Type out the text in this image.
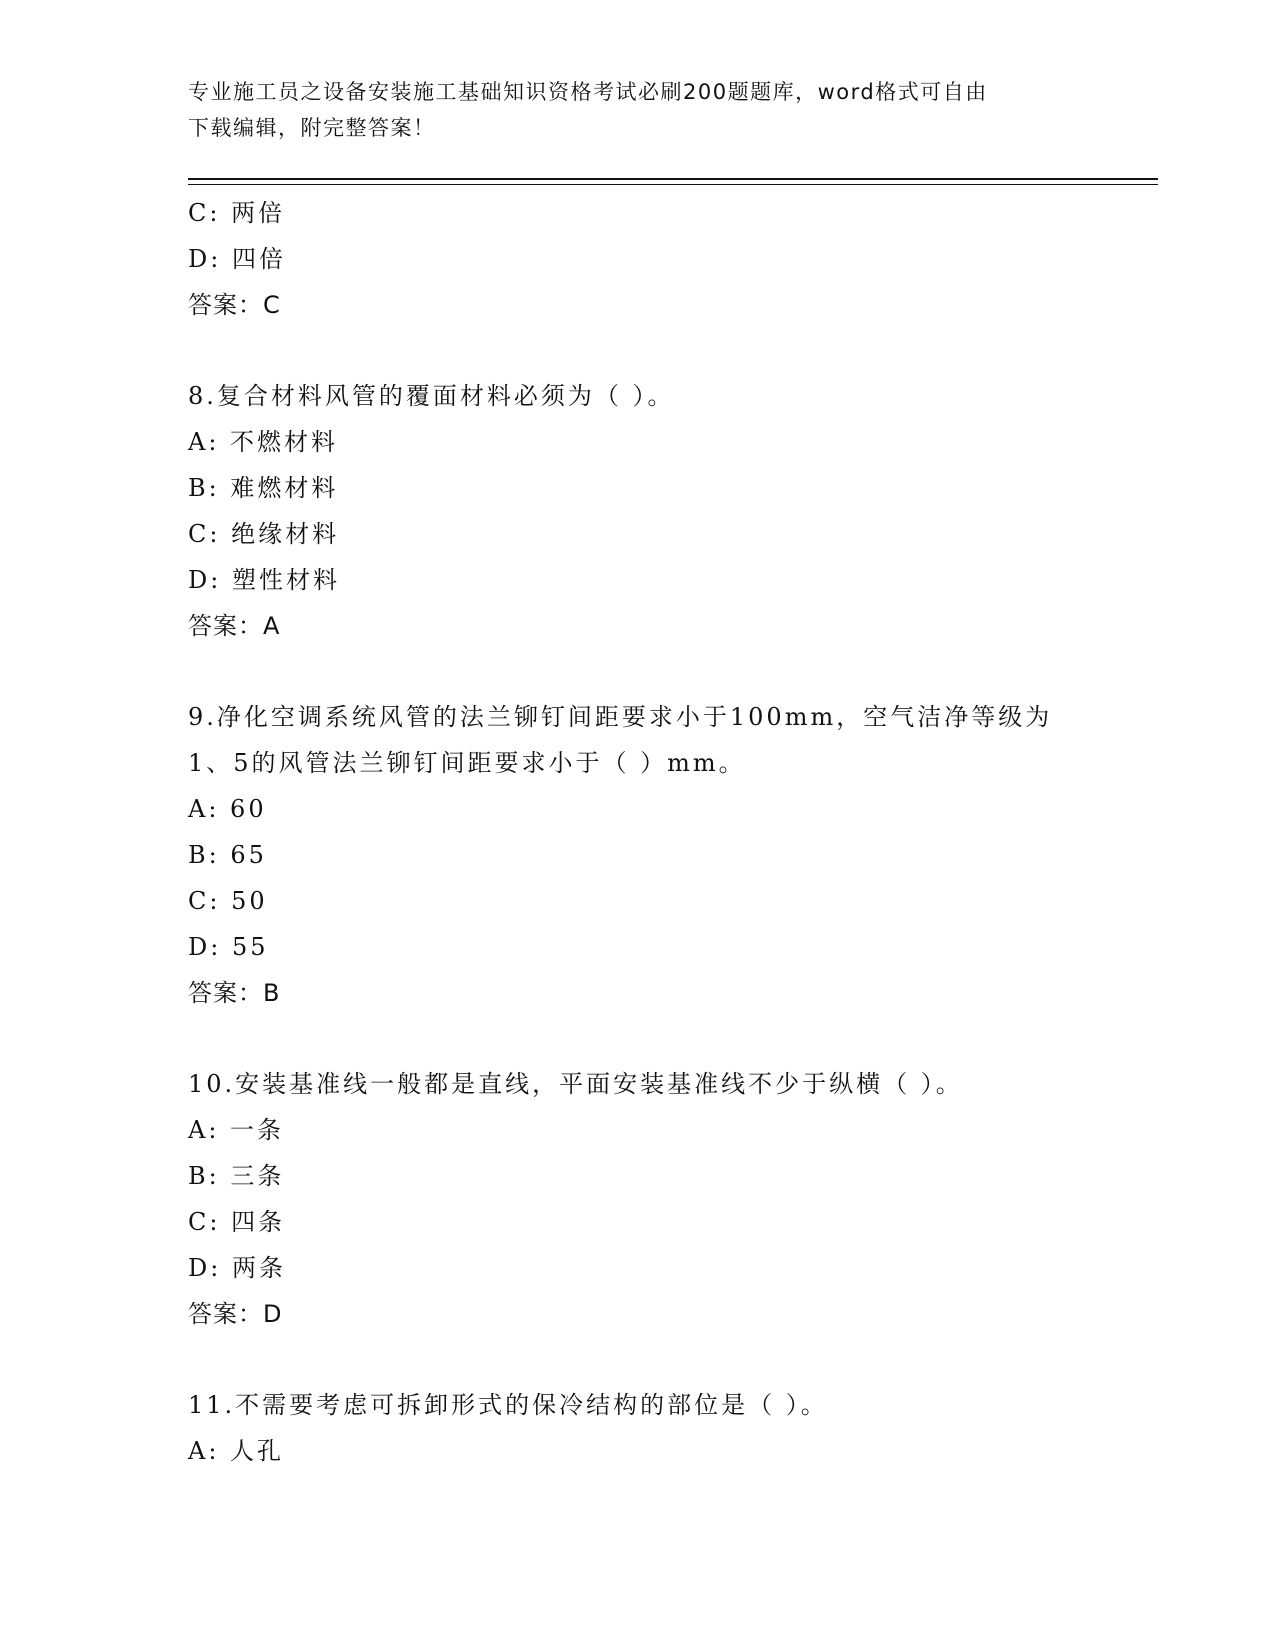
专业施工员之设备安装施工基础知识资格考试必刷200题题库，word格式可自由
下载编辑，附完整答案！
C: 两倍
D: 四倍
答案：C
8.复合材料风管的覆面材料必须为（ ）。
A: 不燃材料
B: 难燃材料
C: 绝缘材料
D: 塑性材料
答案：A
9.净化空调系统风管的法兰铆钉间距要求小于100mm，空气洁净等级为
1、5的风管法兰铆钉间距要求小于（ ）mm。
A: 60
B: 65
C: 50
D: 55
答案：B
10.安装基准线一般都是直线，平面安装基准线不少于纵横（ ）。
A: 一条
B: 三条
C: 四条
D: 两条
答案：D
11.不需要考虑可拆卸形式的保冷结构的部位是（ ）。
A: 人孔
